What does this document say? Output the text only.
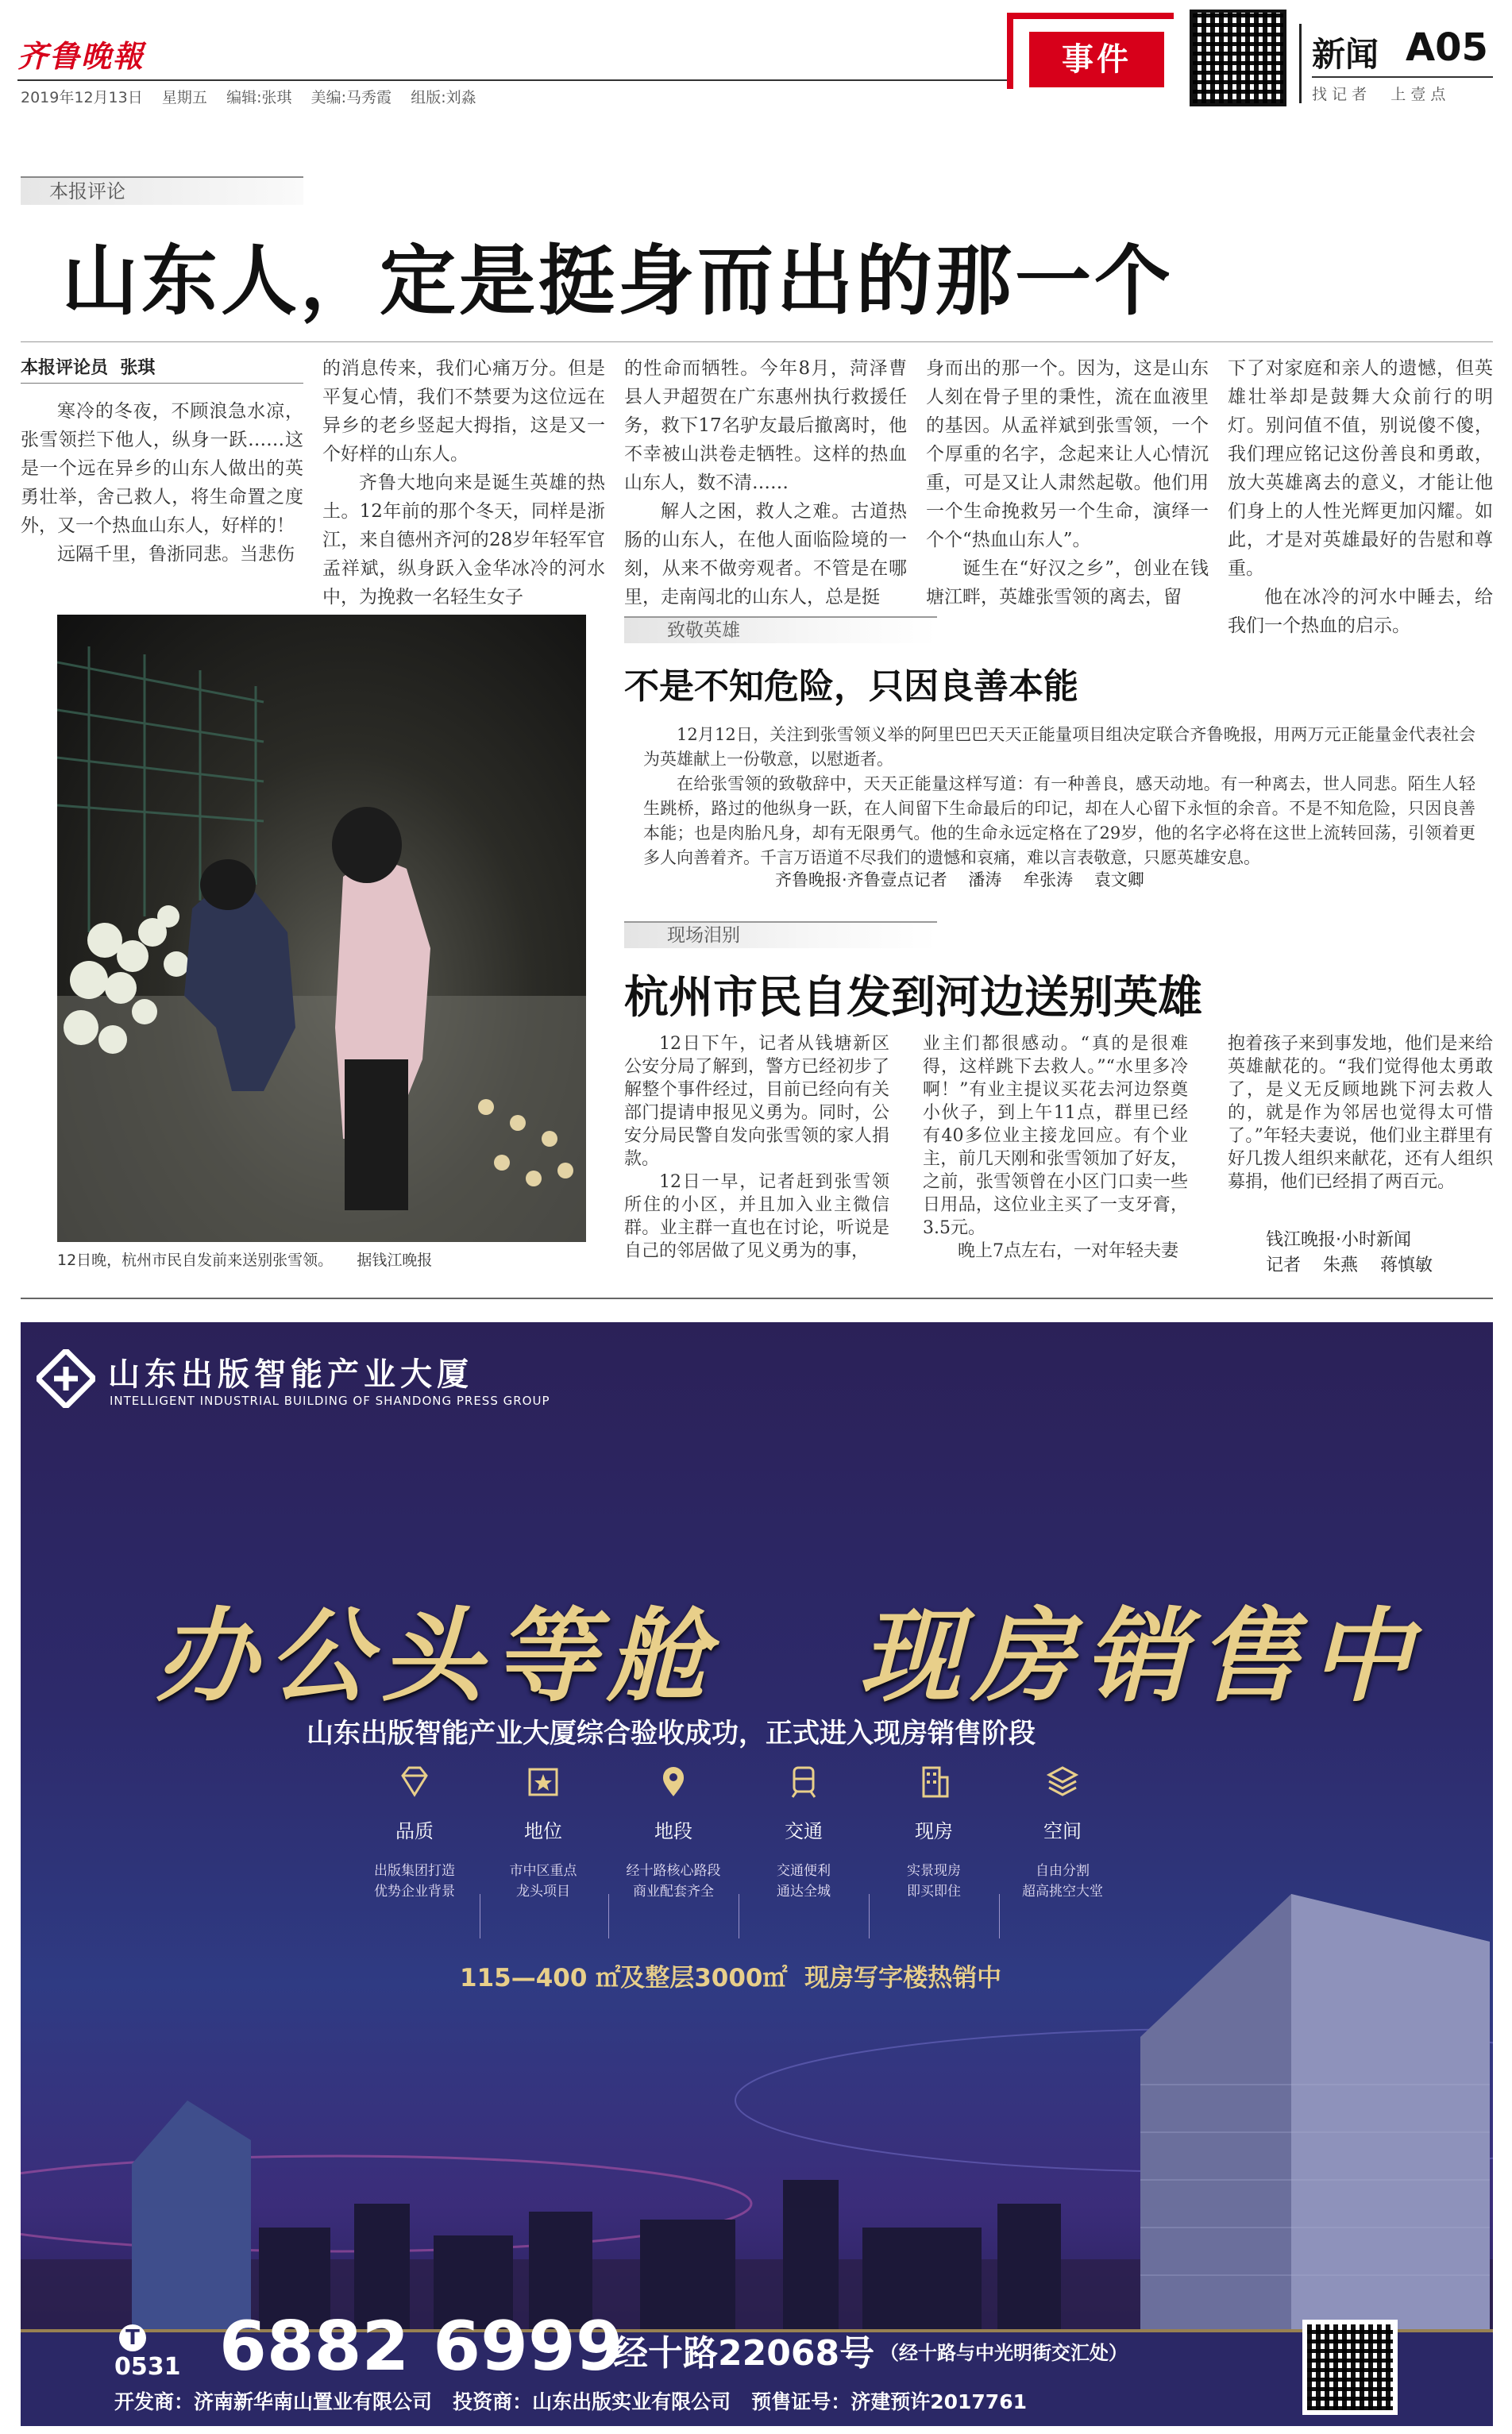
齐鲁晚報
2019年12月13日 星期五 编辑:张琪 美编:马秀霞 组版:刘淼
事件	新闻 A05
找 记 者     上 壹 点
本报评论
山东人，定是挺身而出的那一个
本报评论员  张琪

寒冷的冬夜，不顾浪急水凉，张雪领拦下他人，纵身一跃……这是一个远在异乡的山东人做出的英勇壮举，舍己救人，将生命置之度外，又一个热血山东人，好样的！

远隔千里，鲁浙同悲。当悲伤

的消息传来，我们心痛万分。但是平复心情，我们不禁要为这位远在异乡的老乡竖起大拇指，这是又一个好样的山东人。

齐鲁大地向来是诞生英雄的热土。12年前的那个冬天，同样是浙江，来自德州齐河的28岁年轻军官孟祥斌，纵身跃入金华冰冷的河水中，为挽救一名轻生女子

的性命而牺牲。今年8月，菏泽曹县人尹超贺在广东惠州执行救援任务，救下17名驴友最后撤离时，他不幸被山洪卷走牺牲。这样的热血山东人，数不清……

解人之困，救人之难。古道热肠的山东人，在他人面临险境的一刻，从来不做旁观者。不管是在哪里，走南闯北的山东人，总是挺

身而出的那一个。因为，这是山东人刻在骨子里的秉性，流在血液里的基因。从孟祥斌到张雪领，一个个厚重的名字，念起来让人心情沉重，可是又让人肃然起敬。他们用一个生命挽救另一个生命，演绎一个个“热血山东人”。

诞生在“好汉之乡”，创业在钱塘江畔，英雄张雪领的离去，留

下了对家庭和亲人的遗憾，但英雄壮举却是鼓舞大众前行的明灯。别问值不值，别说傻不傻，我们理应铭记这份善良和勇敢，放大英雄离去的意义，才能让他们身上的人性光辉更加闪耀。如此，才是对英雄最好的告慰和尊重。

他在冰冷的河水中睡去，给我们一个热血的启示。

12日晚，杭州市民自发前来送别张雪领。 据钱江晚报
致敬英雄
不是不知危险，只因良善本能

12月12日，关注到张雪领义举的阿里巴巴天天正能量项目组决定联合齐鲁晚报，用两万元正能量金代表社会为英雄献上一份敬意，以慰逝者。

在给张雪领的致敬辞中，天天正能量这样写道：有一种善良，感天动地。有一种离去，世人同悲。陌生人轻生跳桥，路过的他纵身一跃，在人间留下生命最后的印记，却在人心留下永恒的余音。不是不知危险，只因良善本能；也是肉胎凡身，却有无限勇气。他的生命永远定格在了29岁，他的名字必将在这世上流转回荡，引领着更多人向善着齐。千言万语道不尽我们的遗憾和哀痛，难以言表敬意，只愿英雄安息。

齐鲁晚报·齐鲁壹点记者    潘涛    牟张涛    袁文卿
现场泪别
杭州市民自发到河边送别英雄

12日下午，记者从钱塘新区公安分局了解到，警方已经初步了解整个事件经过，目前已经向有关部门提请申报见义勇为。同时，公安分局民警自发向张雪领的家人捐款。

12日一早，记者赶到张雪领所住的小区，并且加入业主微信群。业主群一直也在讨论，听说是自己的邻居做了见义勇为的事，

业主们都很感动。“真的是很难得，这样跳下去救人。”“水里多冷啊！”有业主提议买花去河边祭奠小伙子，到上午11点，群里已经有40多位业主接龙回应。有个业主，前几天刚和张雪领加了好友，之前，张雪领曾在小区门口卖一些日用品，这位业主买了一支牙膏，3.5元。

晚上7点左右，一对年轻夫妻

抱着孩子来到事发地，他们是来给英雄献花的。“我们觉得他太勇敢了，是义无反顾地跳下河去救人的，就是作为邻居也觉得太可惜了。”年轻夫妻说，他们业主群里有好几拨人组织来献花，还有人组织募捐，他们已经捐了两百元。

钱江晚报·小时新闻
记者    朱燕    蒋慎敏
山东出版智能产业大厦
INTELLIGENT INDUSTRIAL BUILDING OF SHANDONG PRESS GROUP
办公头等舱   现房销售中
山东出版智能产业大厦综合验收成功，正式进入现房销售阶段
品质
出版集团打造
优势企业背景
地位
市中区重点
龙头项目
地段
经十路核心路段
商业配套齐全
交通
交通便利
通达全城
现房
实景现房
即买即住
空间
自由分割
超高挑空大堂
115—400 ㎡及整层3000㎡  现房写字楼热销中
T
0531 6882 6999
经十路22068号 （经十路与中光明街交汇处）
开发商：济南新华南山置业有限公司   投资商：山东出版实业有限公司   预售证号：济建预许2017761
